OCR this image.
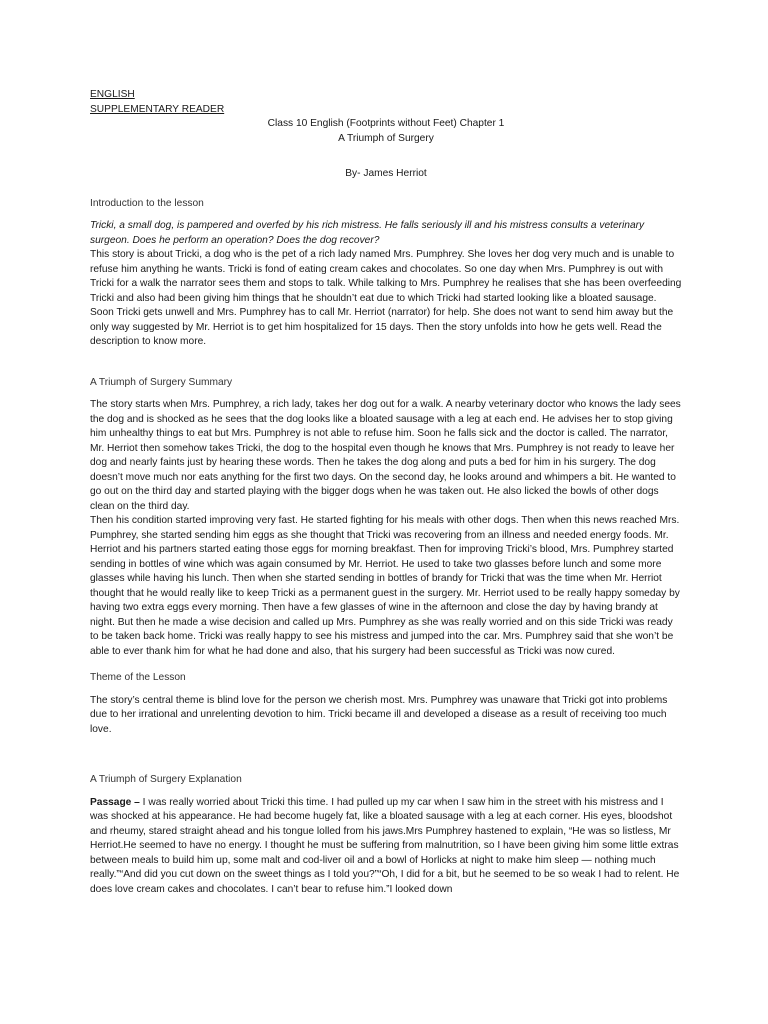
ENGLISH

SUPPLEMENTARY READER

Class 10 English (Footprints without Feet) Chapter 1

A Triumph of Surgery

By- James Herriot

Introduction to the lesson

Tricki, a small dog, is pampered and overfed by his rich mistress. He falls seriously ill and his mistress consults a veterinary surgeon. Does he perform an operation? Does the dog recover?

This story is about Tricki, a dog who is the pet of a rich lady named Mrs. Pumphrey. She loves her dog very much and is unable to refuse him anything he wants. Tricki is fond of eating cream cakes and chocolates. So one day when Mrs. Pumphrey is out with Tricki for a walk the narrator sees them and stops to talk. While talking to Mrs. Pumphrey he realises that she has been overfeeding Tricki and also had been giving him things that he shouldn’t eat due to which Tricki had started looking like a bloated sausage. Soon Tricki gets unwell and Mrs. Pumphrey has to call Mr. Herriot (narrator) for help. She does not want to send him away but the only way suggested by Mr. Herriot is to get him hospitalized for 15 days. Then the story unfolds into how he gets well. Read the description to know more.

A Triumph of Surgery Summary

The story starts when Mrs. Pumphrey, a rich lady, takes her dog out for a walk. A nearby veterinary doctor who knows the lady sees the dog and is shocked as he sees that the dog looks like a bloated sausage with a leg at each end. He advises her to stop giving him unhealthy things to eat but Mrs. Pumphrey is not able to refuse him. Soon he falls sick and the doctor is called. The narrator, Mr. Herriot then somehow takes Tricki, the dog to the hospital even though he knows that Mrs. Pumphrey is not ready to leave her dog and nearly faints just by hearing these words. Then he takes the dog along and puts a bed for him in his surgery. The dog doesn’t move much nor eats anything for the first two days. On the second day, he looks around and whimpers a bit. He wanted to go out on the third day and started playing with the bigger dogs when he was taken out. He also licked the bowls of other dogs clean on the third day.

Then his condition started improving very fast. He started fighting for his meals with other dogs. Then when this news reached Mrs. Pumphrey, she started sending him eggs as she thought that Tricki was recovering from an illness and needed energy foods. Mr. Herriot and his partners started eating those eggs for morning breakfast. Then for improving Tricki’s blood, Mrs. Pumphrey started sending in bottles of wine which was again consumed by Mr. Herriot. He used to take two glasses before lunch and some more glasses while having his lunch. Then when she started sending in bottles of brandy for Tricki that was the time when Mr. Herriot thought that he would really like to keep Tricki as a permanent guest in the surgery. Mr. Herriot used to be really happy someday by having two extra eggs every morning. Then have a few glasses of wine in the afternoon and close the day by having brandy at night. But then he made a wise decision and called up Mrs. Pumphrey as she was really worried and on this side Tricki was ready to be taken back home. Tricki was really happy to see his mistress and jumped into the car. Mrs. Pumphrey said that she won’t be able to ever thank him for what he had done and also, that his surgery had been successful as Tricki was now cured.

Theme of the Lesson

The story’s central theme is blind love for the person we cherish most. Mrs. Pumphrey was unaware that Tricki got into problems due to her irrational and unrelenting devotion to him. Tricki became ill and developed a disease as a result of receiving too much love.

A Triumph of Surgery Explanation

Passage – I was really worried about Tricki this time. I had pulled up my car when I saw him in the street with his mistress and I was shocked at his appearance. He had become hugely fat, like a bloated sausage with a leg at each corner. His eyes, bloodshot and rheumy, stared straight ahead and his tongue lolled from his jaws.Mrs Pumphrey hastened to explain, “He was so listless, Mr Herriot.He seemed to have no energy. I thought he must be suffering from malnutrition, so I have been giving him some little extras between meals to build him up, some malt and cod-liver oil and a bowl of Horlicks at night to make him sleep — nothing much really.”“And did you cut down on the sweet things as I told you?”“Oh, I did for a bit, but he seemed to be so weak I had to relent. He does love cream cakes and chocolates. I can’t bear to refuse him.”I looked down
